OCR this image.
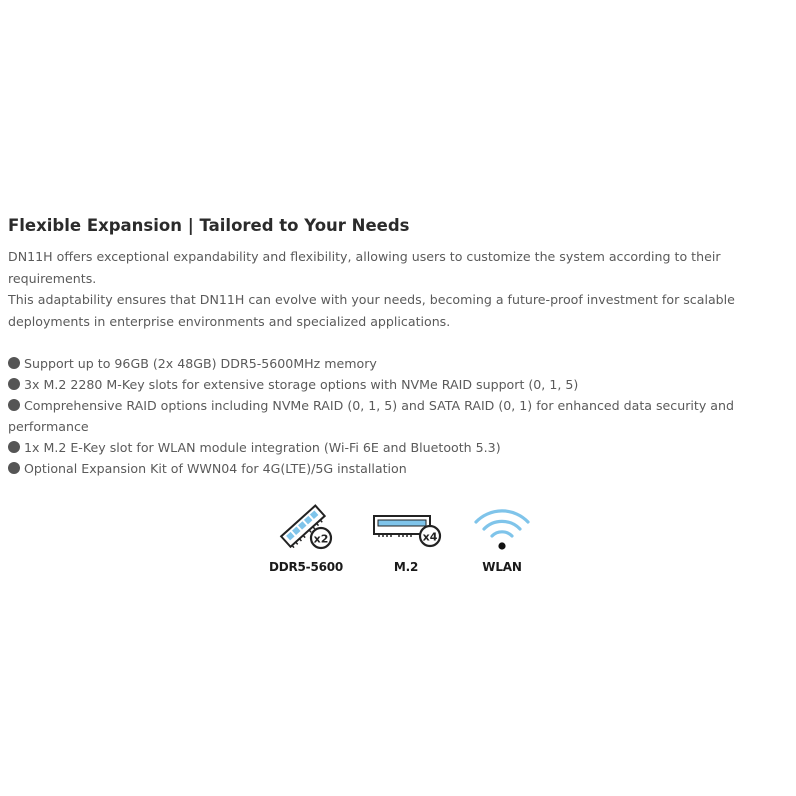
Flexible Expansion | Tailored to Your Needs

DN11H offers exceptional expandability and flexibility, allowing users to customize the system according to their requirements.
This adaptability ensures that DN11H can evolve with your needs, becoming a future-proof investment for scalable
deployments in enterprise environments and specialized applications.

Support up to 96GB (2x 48GB) DDR5-5600MHz memory
3x M.2 2280 M-Key slots for extensive storage options with NVMe RAID support (0, 1, 5)
Comprehensive RAID options including NVMe RAID (0, 1, 5) and SATA RAID (0, 1) for enhanced data security and
performance
1x M.2 E-Key slot for WLAN module integration (Wi-Fi 6E and Bluetooth 5.3)
Optional Expansion Kit of WWN04 for 4G(LTE)/5G installation
x2
DDR5-5600
x4
M.2	WLAN
